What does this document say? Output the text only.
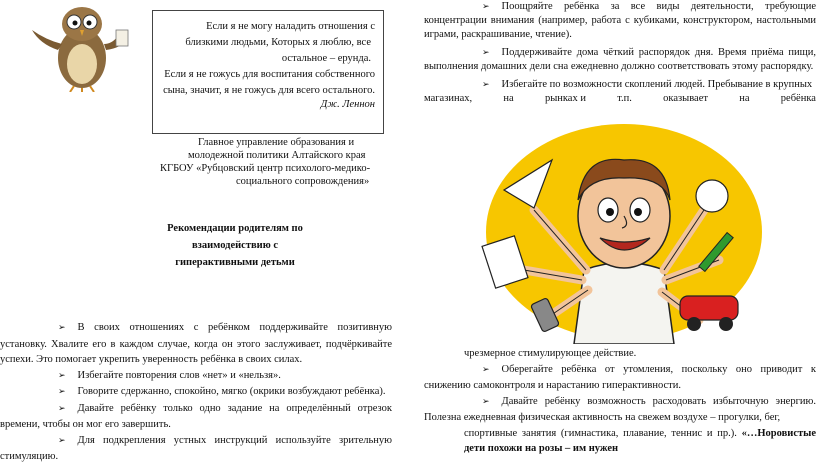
Если я не могу наладить отношения с

близкими людьми, Которых я люблю, все

остальное – ерунда.

Если я не гожусь для воспитания собственного

сына, значит, я не гожусь для всего остального.

Дж. Леннон

Главное управление образования и
молодежной политики Алтайского края
КГБОУ «Рубцовский центр психолого-медико-
социального сопровождения»
Рекомендации родителям по
взаимодействию с
гиперактивными детьми

➢ В своих отношениях с ребёнком поддерживайте позитивную установку. Хвалите его в каждом случае, когда он этого заслуживает, подчёркивайте успехи. Это помогает укрепить уверенность ребёнка в своих силах.

➢ Избегайте повторения слов «нет» и «нельзя».

➢ Говорите сдержанно, спокойно, мягко (окрики возбуждают ребёнка).

➢ Давайте ребёнку только одно задание на определённый отрезок времени, чтобы он мог его завершить.

➢ Для подкрепления устных инструкций используйте зрительную стимуляцию.

➢ Поощряйте ребёнка за все виды деятельности, требующие концентрации внимания (например, работа с кубиками, конструктором, настольными играми, раскрашивание, чтение).

➢ Поддерживайте дома чёткий распорядок дня. Время приёма пищи, выполнения домашних дели сна ежедневно должно соответствовать этому распорядку.

➢ Избегайте по возможности скоплений людей. Пребывание в крупных

магазинах,	на	рынках и	т.п.	оказывает	на	ребёнка

чрезмерное стимулирующее действие.

➢ Оберегайте ребёнка от утомления, поскольку оно приводит к снижению самоконтроля и нарастанию гиперактивности.

➢ Давайте ребёнку возможность расходовать избыточную энергию. Полезна ежедневная физическая активность на свежем воздухе – прогулки, бег,

спортивные занятия (гимнастика, плавание, теннис и пр.). «…Норовистые дети похожи на розы – им нужен
